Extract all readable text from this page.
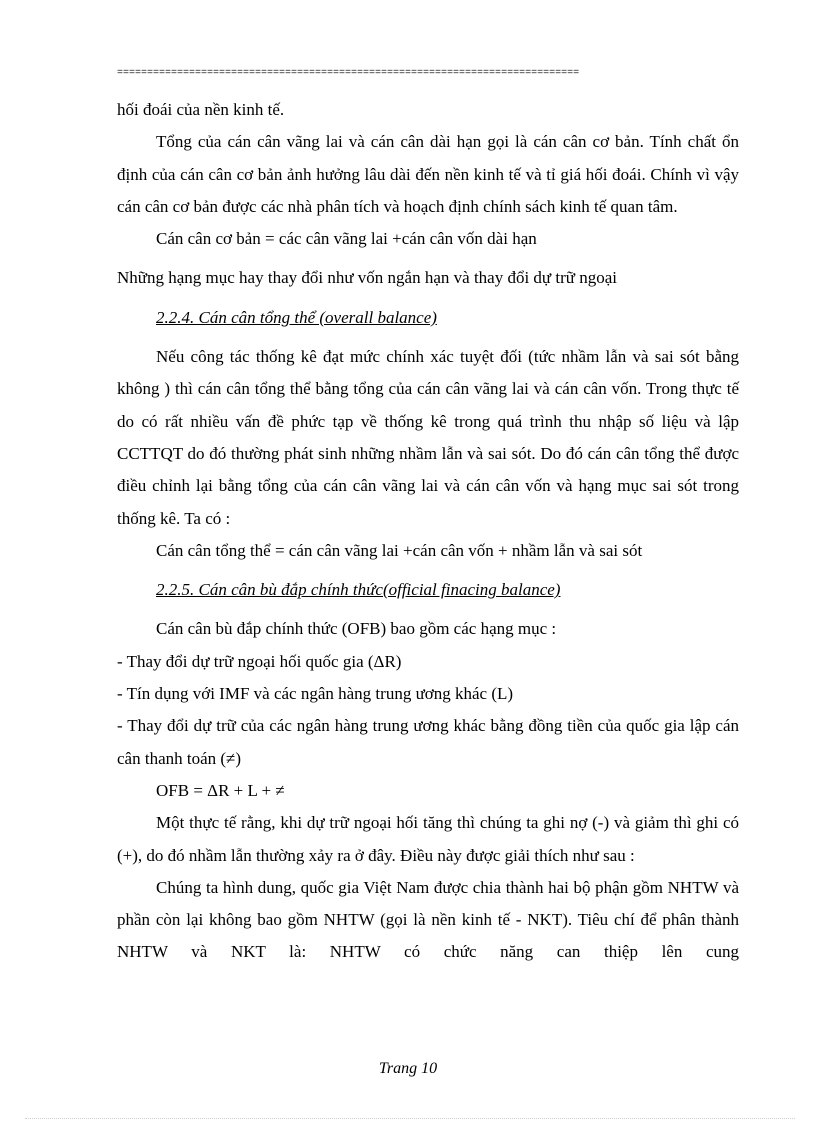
=============================================================================

hối đoái của nền kinh tế.

Tổng của cán cân vãng lai và cán cân dài hạn gọi là cán cân cơ bản. Tính chất ổn định của cán cân cơ bản ảnh hưởng lâu dài đến nền kinh tế và tỉ giá hối đoái. Chính vì vậy cán cân cơ bản được các nhà phân tích và hoạch định chính sách kinh tế quan tâm.

Cán cân cơ bản = các cân vãng lai +cán cân vốn dài hạn

Những hạng mục hay thay đổi như vốn ngắn hạn và thay đổi dự trữ ngoại

2.2.4. Cán cân tổng thể (overall balance)

Nếu công tác thống kê đạt mức chính xác tuyệt đối (tức nhầm lẫn và sai sót bằng không ) thì cán cân tổng thể bằng tổng của cán cân vãng lai và cán cân vốn. Trong thực tế do có rất nhiều vấn đề phức tạp về thống kê trong quá trình thu nhập số liệu và lập CCTTQT do đó thường phát sinh những nhầm lẫn và sai sót. Do đó cán cân tổng thể được điều chỉnh lại bằng tổng của cán cân vãng lai và cán cân vốn và hạng mục sai sót trong thống kê. Ta có :

Cán cân tổng thể = cán cân vãng lai +cán cân vốn + nhầm lẫn và sai sót

2.2.5. Cán cân bù đắp chính thức(official finacing balance)

Cán cân bù đắp chính thức (OFB) bao gồm các hạng mục :

- Thay đổi dự trữ ngoại hối quốc gia (ΔR)

- Tín dụng với IMF và các ngân hàng trung ương khác (L)

- Thay đổi dự trữ của các ngân hàng trung ương khác bằng đồng tiền của quốc gia lập cán cân thanh toán (≠)

OFB = ΔR + L + ≠

Một thực tế rằng, khi dự trữ ngoại hối tăng thì chúng ta ghi nợ (-) và giảm thì ghi có (+), do đó nhầm lẫn thường xảy ra ở đây. Điều này được giải thích như sau :

Chúng ta hình dung, quốc gia Việt Nam được chia thành hai bộ phận gồm NHTW và phần còn lại không bao gồm NHTW (gọi là nền kinh tế - NKT). Tiêu chí để phân thành NHTW và NKT là: NHTW có chức năng can thiệp lên cung

Trang 10
